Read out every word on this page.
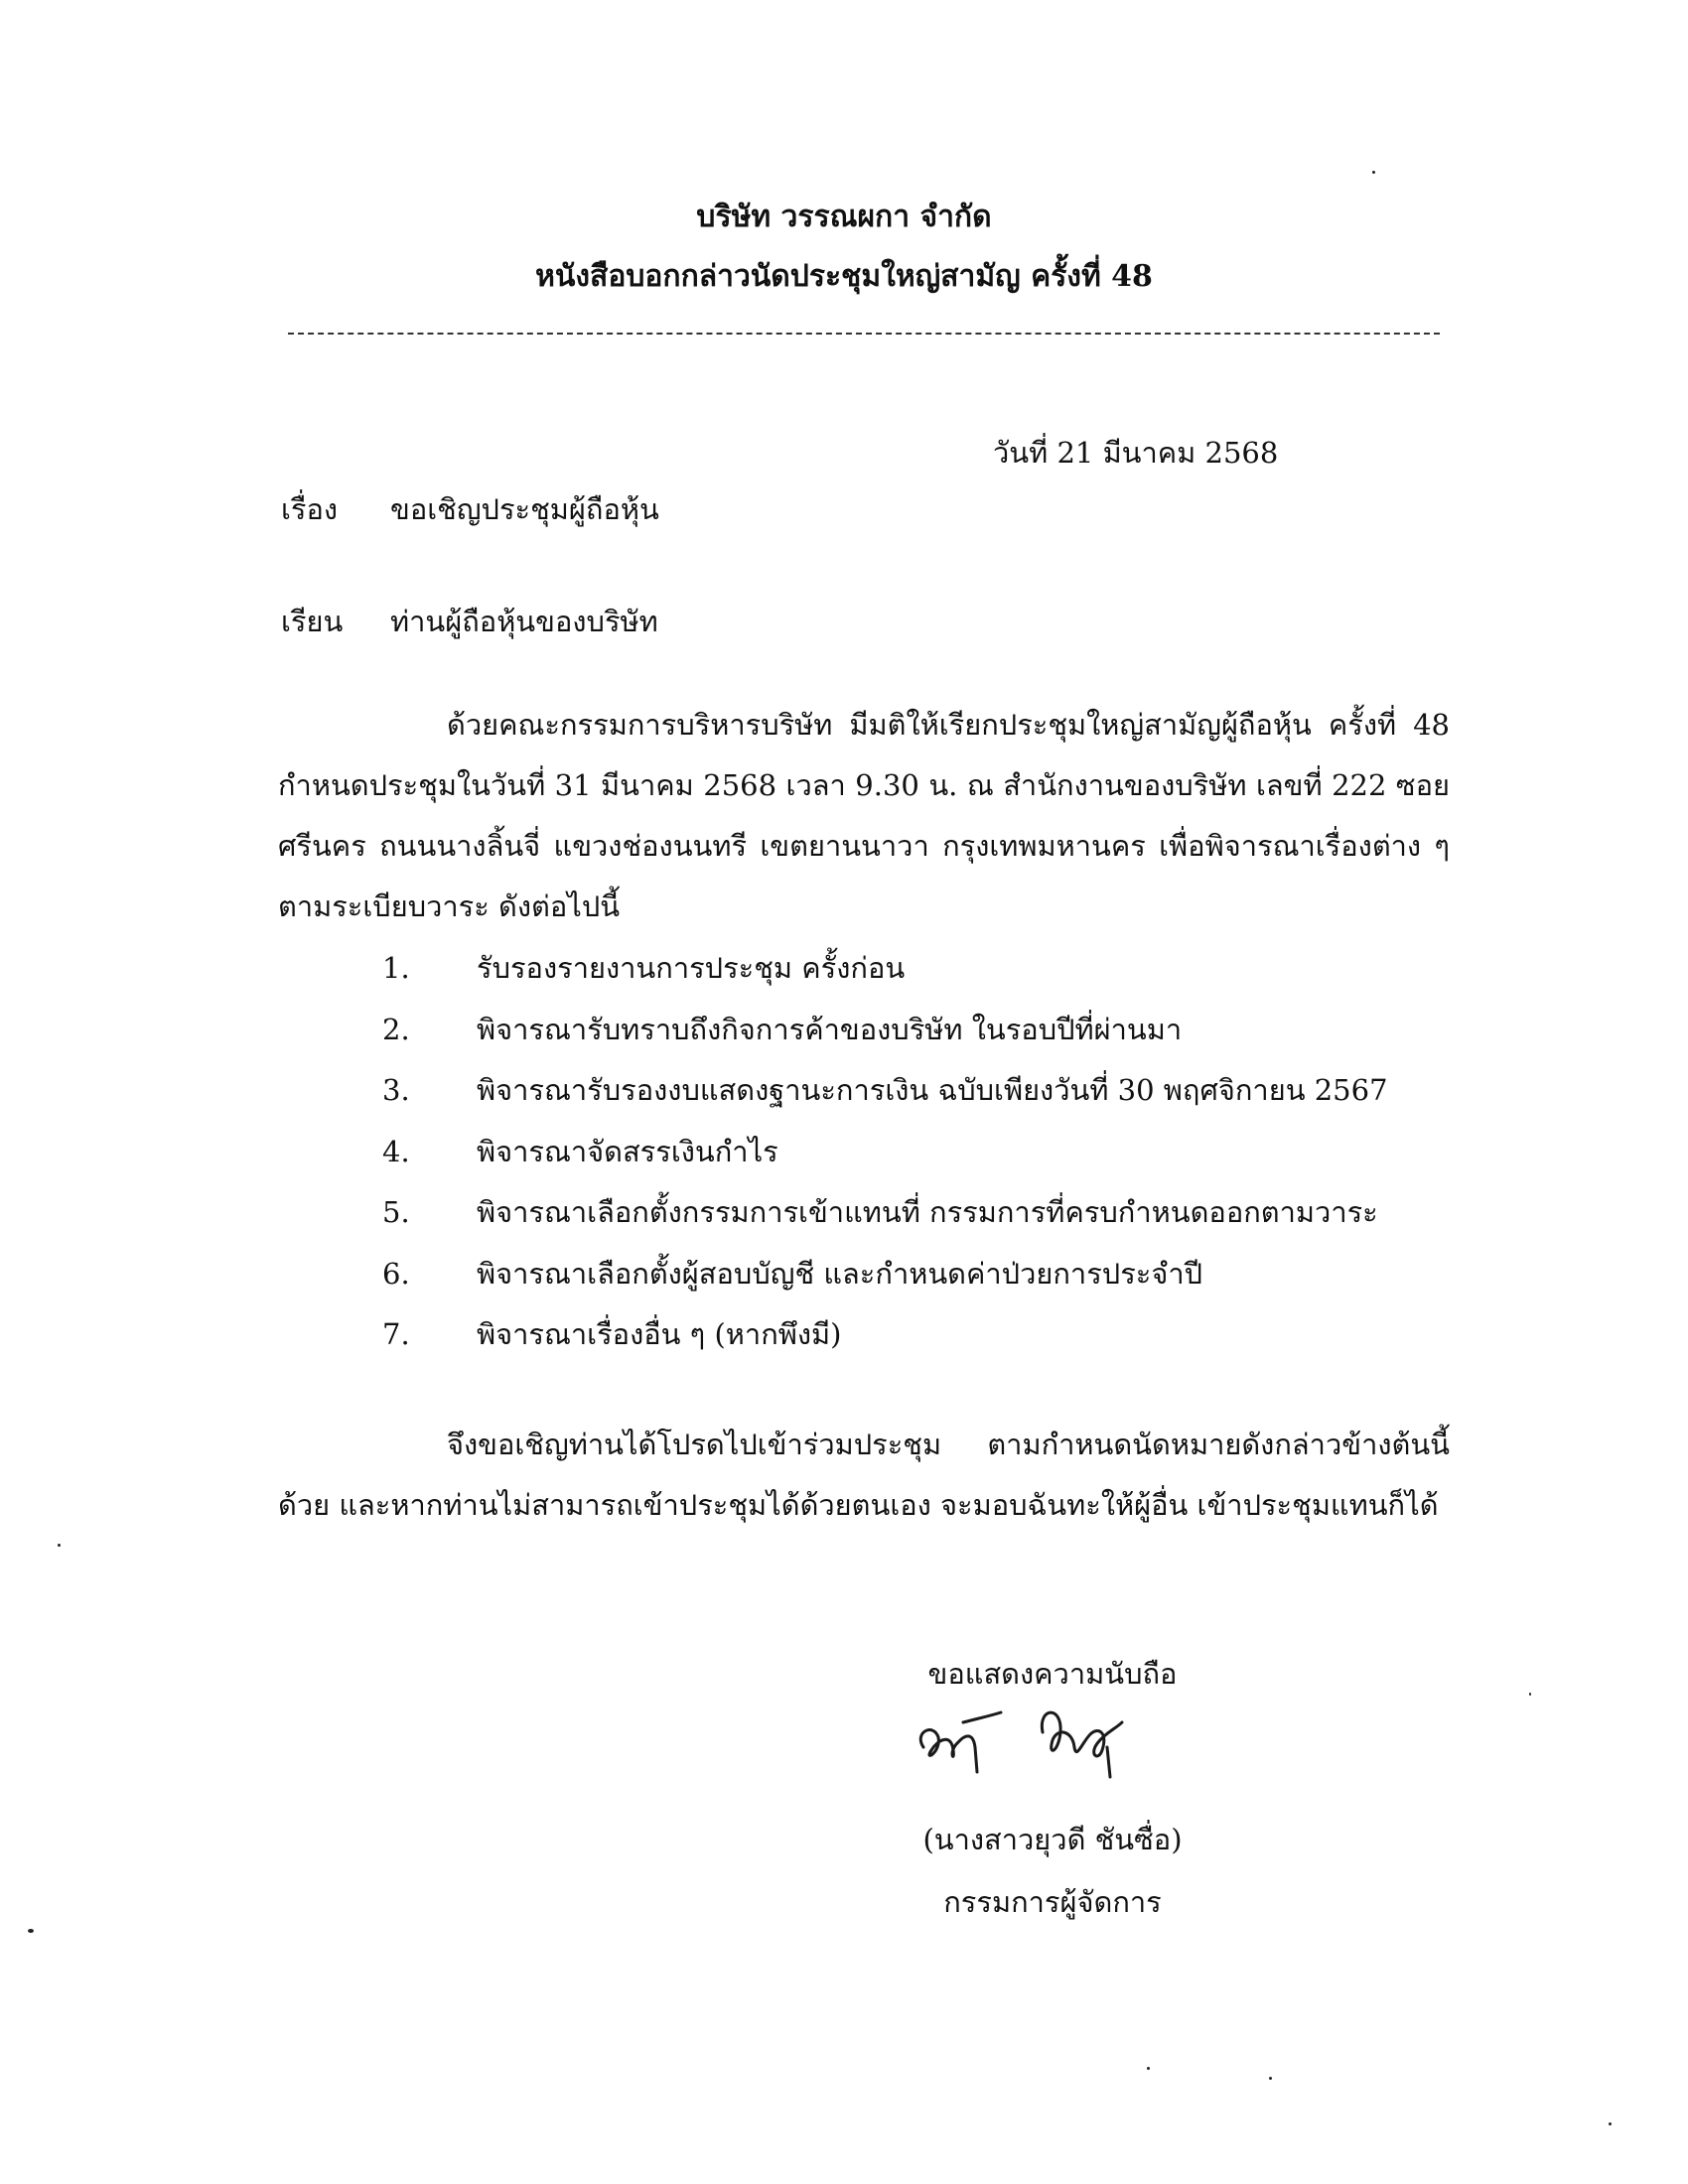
บริษัท วรรณผกา จำกัด
หนังสือบอกกล่าวนัดประชุมใหญ่สามัญ ครั้งที่ 48
วันที่ 21 มีนาคม 2568
เรื่อง ขอเชิญประชุมผู้ถือหุ้น
เรียน ท่านผู้ถือหุ้นของบริษัท

ด้วยคณะกรรมการบริหารบริษัท มีมติให้เรียกประชุมใหญ่สามัญผู้ถือหุ้น ครั้งที่ 48 กำหนดประชุมในวันที่ 31 มีนาคม 2568 เวลา 9.30 น. ณ สำนักงานของบริษัท เลขที่ 222 ซอยศรีนคร ถนนนางลิ้นจี่ แขวงช่องนนทรี เขตยานนาวา กรุงเทพมหานคร เพื่อพิจารณาเรื่องต่าง ๆ ตามระเบียบวาระ ดังต่อไปนี้

1. รับรองรายงานการประชุม ครั้งก่อน
2. พิจารณารับทราบถึงกิจการค้าของบริษัท ในรอบปีที่ผ่านมา
3. พิจารณารับรองงบแสดงฐานะการเงิน ฉบับเพียงวันที่ 30 พฤศจิกายน 2567
4. พิจารณาจัดสรรเงินกำไร
5. พิจารณาเลือกตั้งกรรมการเข้าแทนที่ กรรมการที่ครบกำหนดออกตามวาระ
6. พิจารณาเลือกตั้งผู้สอบบัญชี และกำหนดค่าป่วยการประจำปี
7. พิจารณาเรื่องอื่น ๆ (หากพึงมี)

จึงขอเชิญท่านได้โปรดไปเข้าร่วมประชุม ตามกำหนดนัดหมายดังกล่าวข้างต้นนี้ด้วย และหากท่านไม่สามารถเข้าประชุมได้ด้วยตนเอง จะมอบฉันทะให้ผู้อื่น เข้าประชุมแทนก็ได้

ขอแสดงความนับถือ
(นางสาวยุวดี ชันซื่อ)
กรรมการผู้จัดการ
